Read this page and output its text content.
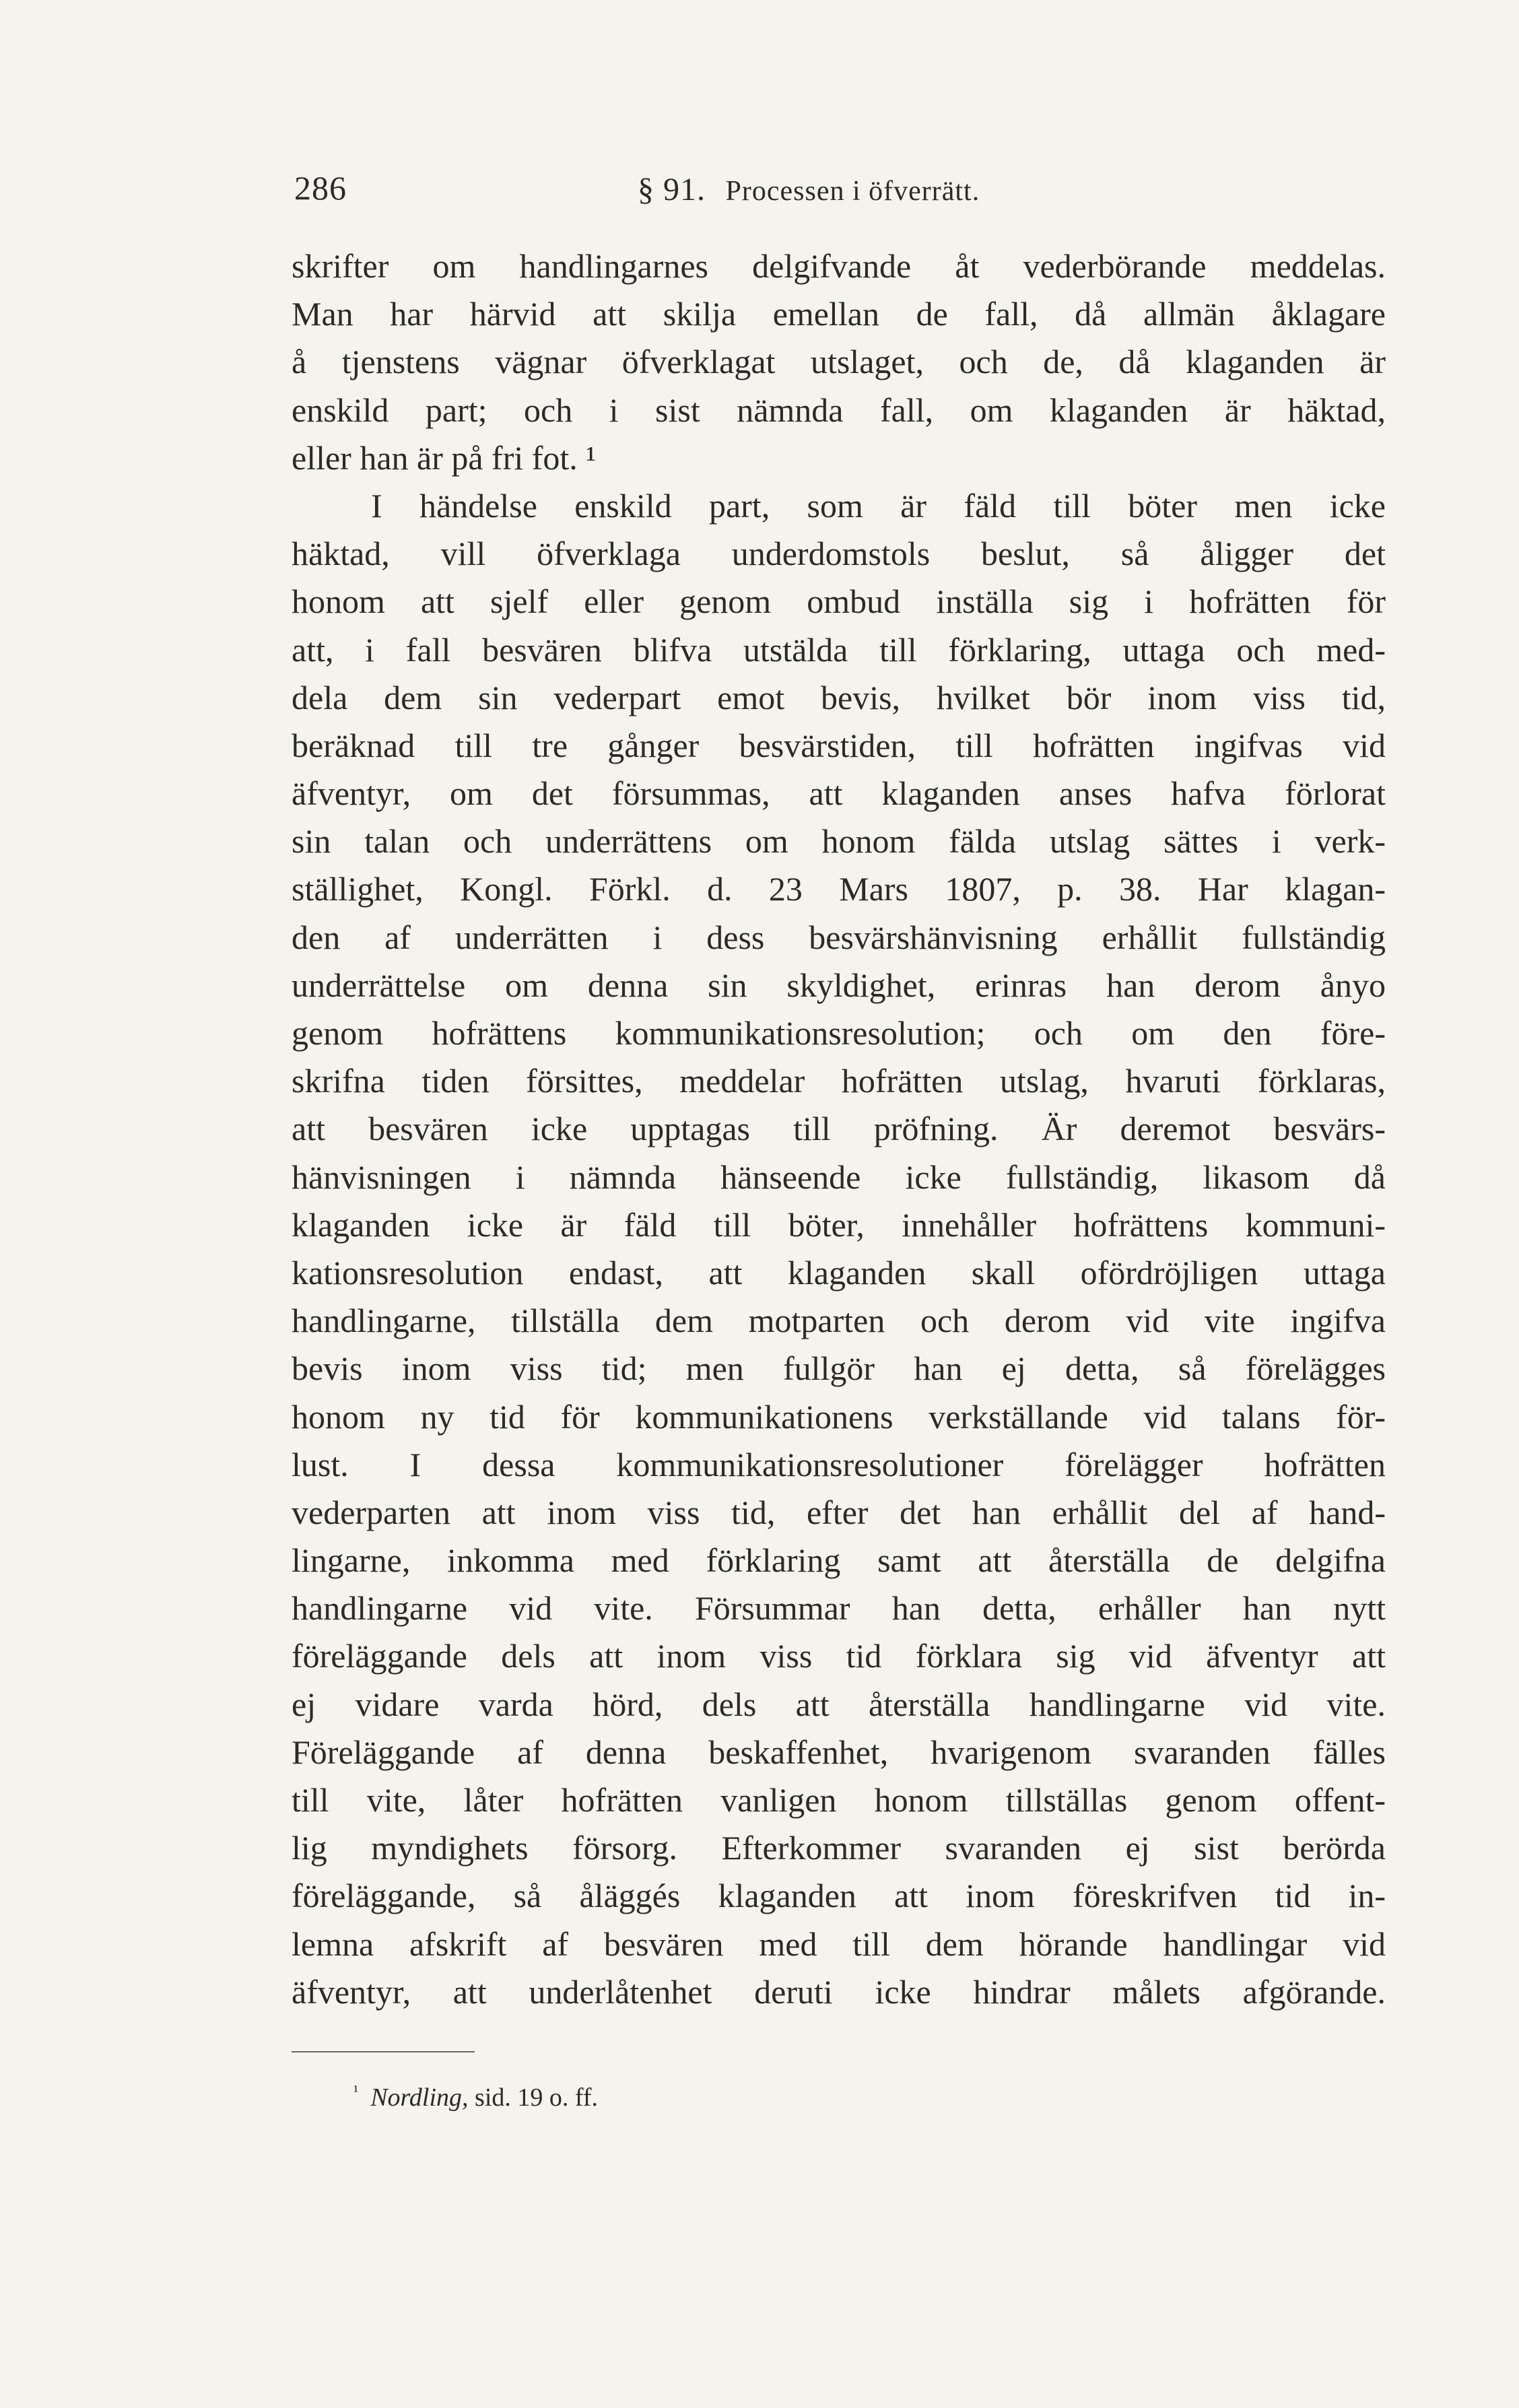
286	§ 91. Processen i öfverrätt.
skrifter om handlingarnes delgifvande åt vederbörande meddelas.
Man har härvid att skilja emellan de fall, då allmän åklagare
å tjenstens vägnar öfverklagat utslaget, och de, då klaganden är
enskild part; och i sist nämnda fall, om klaganden är häktad,
eller han är på fri fot. ¹
I händelse enskild part, som är fäld till böter men icke
häktad, vill öfverklaga underdomstols beslut, så åligger det
honom att sjelf eller genom ombud inställa sig i hofrätten för
att, i fall besvären blifva utstälda till förklaring, uttaga och med-
dela dem sin vederpart emot bevis, hvilket bör inom viss tid,
beräknad till tre gånger besvärstiden, till hofrätten ingifvas vid
äfventyr, om det försummas, att klaganden anses hafva förlorat
sin talan och underrättens om honom fälda utslag sättes i verk-
ställighet, Kongl. Förkl. d. 23 Mars 1807, p. 38. Har klagan-
den af underrätten i dess besvärshänvisning erhållit fullständig
underrättelse om denna sin skyldighet, erinras han derom ånyo
genom hofrättens kommunikationsresolution; och om den före-
skrifna tiden försittes, meddelar hofrätten utslag, hvaruti förklaras,
att besvären icke upptagas till pröfning. Är deremot besvärs-
hänvisningen i nämnda hänseende icke fullständig, likasom då
klaganden icke är fäld till böter, innehåller hofrättens kommuni-
kationsresolution endast, att klaganden skall ofördröjligen uttaga
handlingarne, tillställa dem motparten och derom vid vite ingifva
bevis inom viss tid; men fullgör han ej detta, så förelägges
honom ny tid för kommunikationens verkställande vid talans för-
lust. I dessa kommunikationsresolutioner förelägger hofrätten
vederparten att inom viss tid, efter det han erhållit del af hand-
lingarne, inkomma med förklaring samt att återställa de delgifna
handlingarne vid vite. Försummar han detta, erhåller han nytt
föreläggande dels att inom viss tid förklara sig vid äfventyr att
ej vidare varda hörd, dels att återställa handlingarne vid vite.
Föreläggande af denna beskaffenhet, hvarigenom svaranden fälles
till vite, låter hofrätten vanligen honom tillställas genom offent-
lig myndighets försorg. Efterkommer svaranden ej sist berörda
föreläggande, så åläggés klaganden att inom föreskrifven tid in-
lemna afskrift af besvären med till dem hörande handlingar vid
äfventyr, att underlåtenhet deruti icke hindrar målets afgörande.
$^{^1}$ Nordling, sid. 19 o. ff.
